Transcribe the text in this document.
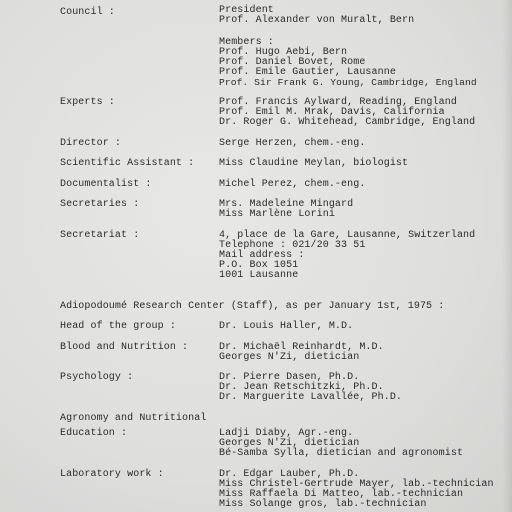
Council :	President
Prof. Alexander von Muralt, Bern
Members :
Prof. Hugo Aebi, Bern
Prof. Daniel Bovet, Rome
Prof. Emile Gautier, Lausanne
Prof. Sir Frank G. Young, Cambridge, England
Experts :	Prof. Francis Aylward, Reading, England
Prof. Emil M. Mrak, Davis, California
Dr. Roger G. Whitehead, Cambridge, England
Director :	Serge Herzen, chem.-eng.
Scientific Assistant : Miss Claudine Meylan, biologist
Documentalist :	Michel Perez, chem.-eng.
Secretaries :	Mrs. Madeleine Mingard
Miss Marlène Lorini
Secretariat :	4, place de la Gare, Lausanne, Switzerland
Telephone : 021/20 33 51
Mail address :
P.O. Box 1051
1001 Lausanne
Adiopodoumé Research Center (Staff), as per January 1st, 1975 :
Head of the group :	Dr. Louis Haller, M.D.
Blood and Nutrition :	Dr. Michaël Reinhardt, M.D.
Georges N'Zi, dietician
Psychology :	Dr. Pierre Dasen, Ph.D.
Dr. Jean Retschitzki, Ph.D.
Dr. Marguerite Lavallée, Ph.D.
Agronomy and Nutritional
Education :	Ladji Diaby, Agr.-eng.
Georges N'Zi, dietician
Bé-Samba Sylla, dietician and agronomist
Laboratory work :	Dr. Edgar Lauber, Ph.D.
Miss Christel-Gertrude Mayer, lab.-technician
Miss Raffaela Di Matteo, lab.-technician
Miss Solange gros, lab.-technician
